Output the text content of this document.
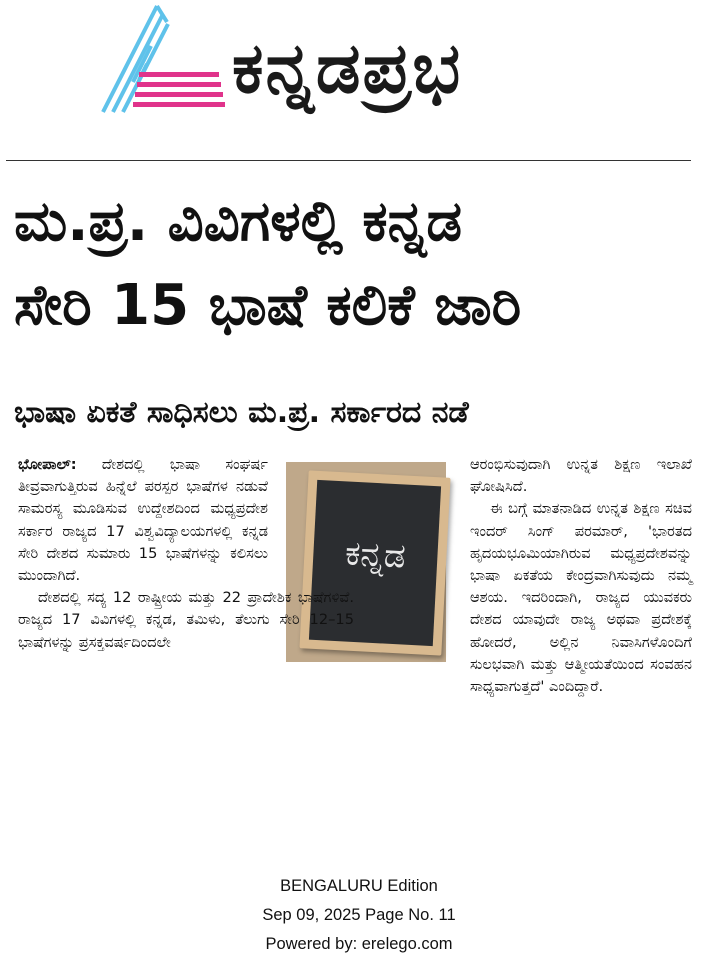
ಕನ್ನಡಪ್ರಭ
ಮ.ಪ್ರ. ವಿವಿಗಳಲ್ಲಿ ಕನ್ನಡ
ಸೇರಿ 15 ಭಾಷೆ ಕಲಿಕೆ ಜಾರಿ
ಭಾಷಾ ಏಕತೆ ಸಾಧಿಸಲು ಮ.ಪ್ರ. ಸರ್ಕಾರದ ನಡೆ
ಕನ್ನಡ

ಭೋಪಾಲ್: ದೇಶದಲ್ಲಿ ಭಾಷಾ ಸಂಘರ್ಷ ತೀವ್ರವಾಗುತ್ತಿರುವ ಹಿನ್ನೆಲೆ ಪರಸ್ಪರ ಭಾಷೆಗಳ ನಡುವೆ ಸಾಮರಸ್ಯ ಮೂಡಿಸುವ ಉದ್ದೇಶದಿಂದ ಮಧ್ಯಪ್ರದೇಶ ಸರ್ಕಾರ ರಾಜ್ಯದ 17 ವಿಶ್ವವಿದ್ಯಾಲಯಗಳಲ್ಲಿ ಕನ್ನಡ ಸೇರಿ ದೇಶದ ಸುಮಾರು 15 ಭಾಷೆಗಳನ್ನು ಕಲಿಸಲು ಮುಂದಾಗಿದೆ.

ದೇಶದಲ್ಲಿ ಸದ್ಯ 12 ರಾಷ್ಟ್ರೀಯ ಮತ್ತು 22 ಪ್ರಾದೇಶಿಕ ಭಾಷೆಗಳಿವೆ. ರಾಜ್ಯದ 17 ವಿವಿಗಳಲ್ಲಿ ಕನ್ನಡ, ತಮಿಳು, ತೆಲುಗು ಸೇರಿ 12–15 ಭಾಷೆಗಳನ್ನು ಪ್ರಸಕ್ತವರ್ಷದಿಂದಲೇ

ಆರಂಭಿಸುವುದಾಗಿ ಉನ್ನತ ಶಿಕ್ಷಣ ಇಲಾಖೆ ಘೋಷಿಸಿದೆ.

ಈ ಬಗ್ಗೆ ಮಾತನಾಡಿದ ಉನ್ನತ ಶಿಕ್ಷಣ ಸಚಿವ ಇಂದರ್ ಸಿಂಗ್ ಪರಮಾರ್, 'ಭಾರತದ ಹೃದಯಭೂಮಿಯಾಗಿರುವ ಮಧ್ಯಪ್ರದೇಶವನ್ನು ಭಾಷಾ ಏಕತೆಯ ಕೇಂದ್ರವಾಗಿಸುವುದು ನಮ್ಮ ಆಶಯ. ಇದರಿಂದಾಗಿ, ರಾಜ್ಯದ ಯುವಕರು ದೇಶದ ಯಾವುದೇ ರಾಜ್ಯ ಅಥವಾ ಪ್ರದೇಶಕ್ಕೆ ಹೋದರೆ, ಅಲ್ಲಿನ ನಿವಾಸಿಗಳೊಂದಿಗೆ ಸುಲಭವಾಗಿ ಮತ್ತು ಆತ್ಮೀಯತೆಯಿಂದ ಸಂವಹನ ಸಾಧ್ಯವಾಗುತ್ತದೆ' ಎಂದಿದ್ದಾರೆ.

BENGALURU Edition
Sep 09, 2025 Page No. 11
Powered by: erelego.com
